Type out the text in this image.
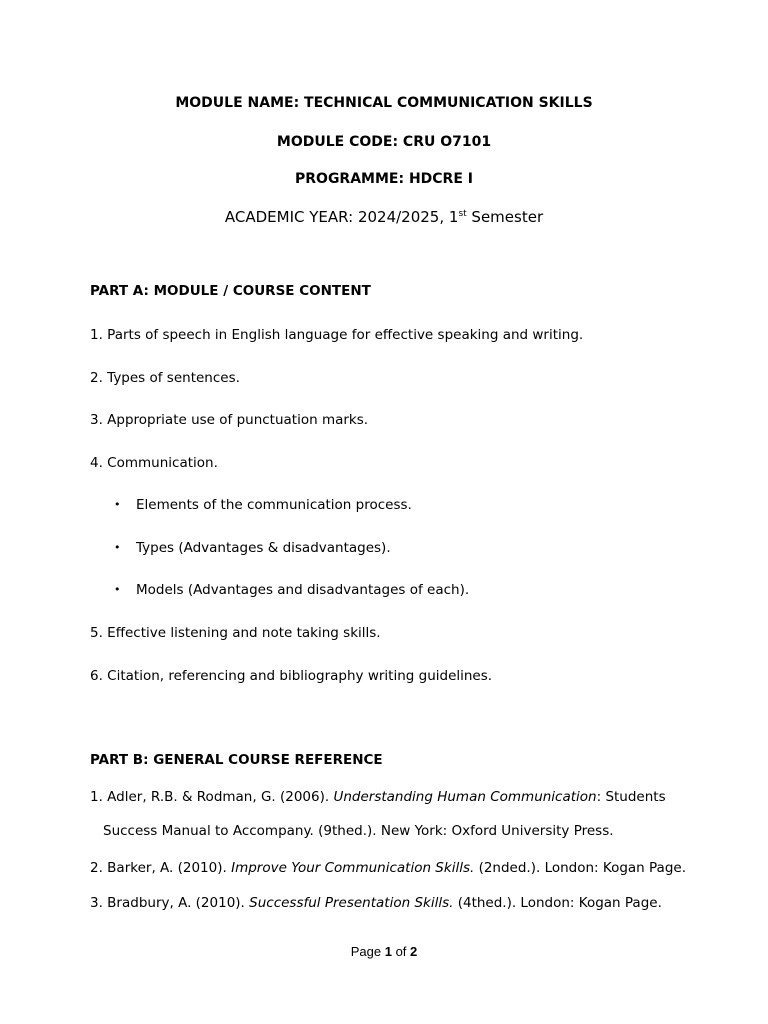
MODULE NAME: TECHNICAL COMMUNICATION SKILLS
MODULE CODE: CRU O7101
PROGRAMME: HDCRE I
ACADEMIC YEAR: 2024/2025, 1st Semester
PART A: MODULE / COURSE CONTENT
1. Parts of speech in English language for effective speaking and writing.
2. Types of sentences.
3. Appropriate use of punctuation marks.
4. Communication.
• Elements of the communication process.
• Types (Advantages & disadvantages).
• Models (Advantages and disadvantages of each).
5. Effective listening and note taking skills.
6. Citation, referencing and bibliography writing guidelines.
PART B: GENERAL COURSE REFERENCE
1. Adler, R.B. & Rodman, G. (2006). Understanding Human Communication: Students
Success Manual to Accompany. (9thed.). New York: Oxford University Press.
2. Barker, A. (2010). Improve Your Communication Skills. (2nded.). London: Kogan Page.
3. Bradbury, A. (2010). Successful Presentation Skills. (4thed.). London: Kogan Page.
Page 1 of 2
